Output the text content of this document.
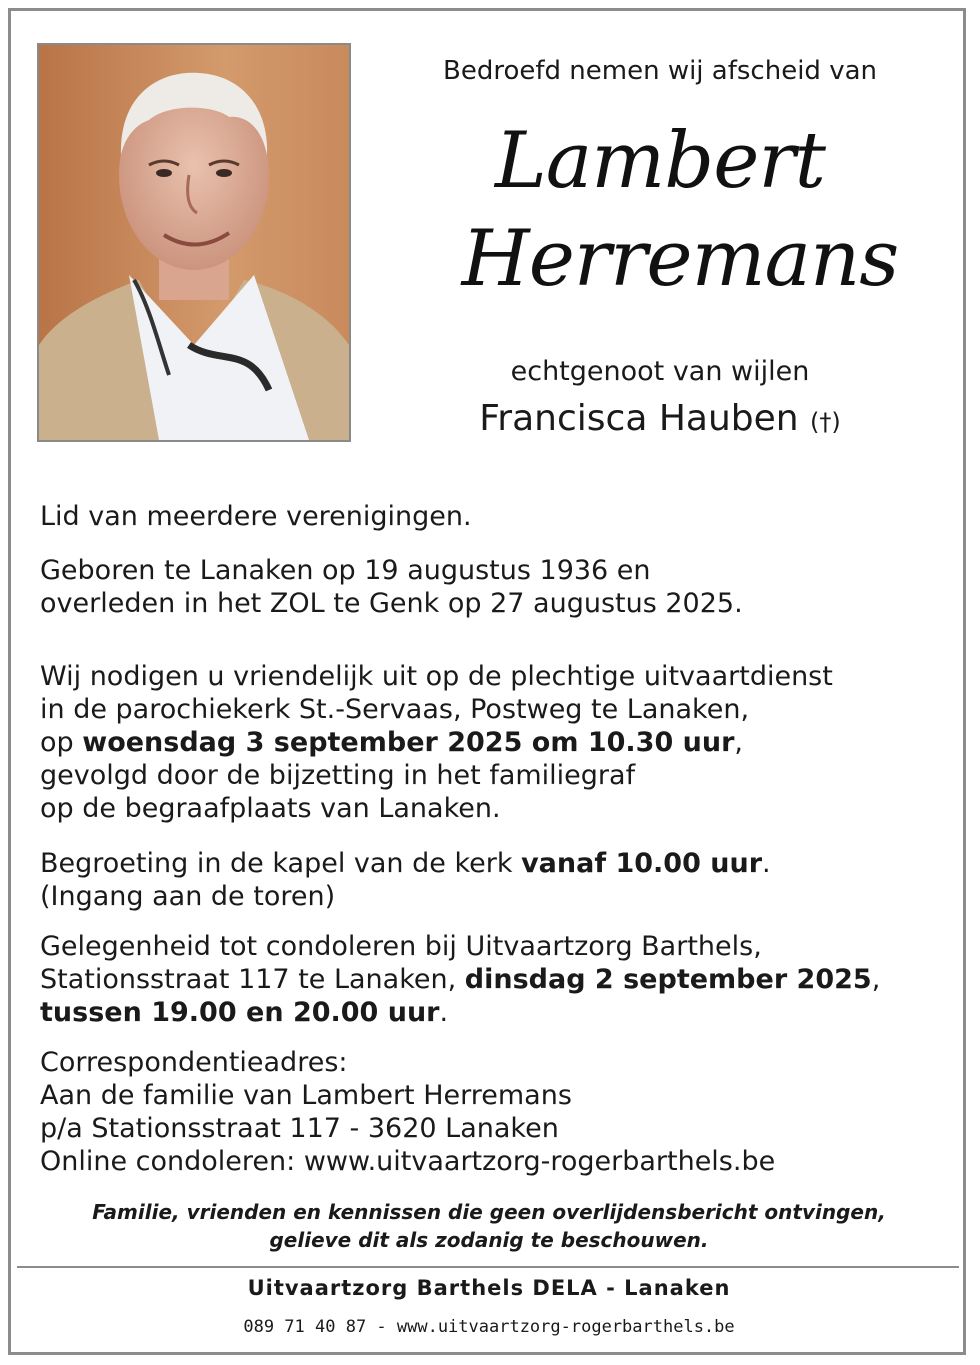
Bedroefd nemen wij afscheid van
Lambert
Herremans
echtgenoot van wijlen
Francisca Hauben (†)

Lid van meerdere verenigingen.

Geboren te Lanaken op 19 augustus 1936 en

overleden in het ZOL te Genk op 27 augustus 2025.

Wij nodigen u vriendelijk uit op de plechtige uitvaartdienst

in de parochiekerk St.-Servaas, Postweg te Lanaken,

op woensdag 3 september 2025 om 10.30 uur,

gevolgd door de bijzetting in het familiegraf

op de begraafplaats van Lanaken.

Begroeting in de kapel van de kerk vanaf 10.00 uur.

(Ingang aan de toren)

Gelegenheid tot condoleren bij Uitvaartzorg Barthels,

Stationsstraat 117 te Lanaken, dinsdag 2 september 2025,

tussen 19.00 en 20.00 uur.

Correspondentieadres:

Aan de familie van Lambert Herremans

p/a Stationsstraat 117 - 3620 Lanaken

Online condoleren: www.uitvaartzorg-rogerbarthels.be

Familie, vrienden en kennissen die geen overlijdensbericht ontvingen,
gelieve dit als zodanig te beschouwen.
Uitvaartzorg Barthels DELA - Lanaken
089 71 40 87 - www.uitvaartzorg-rogerbarthels.be
